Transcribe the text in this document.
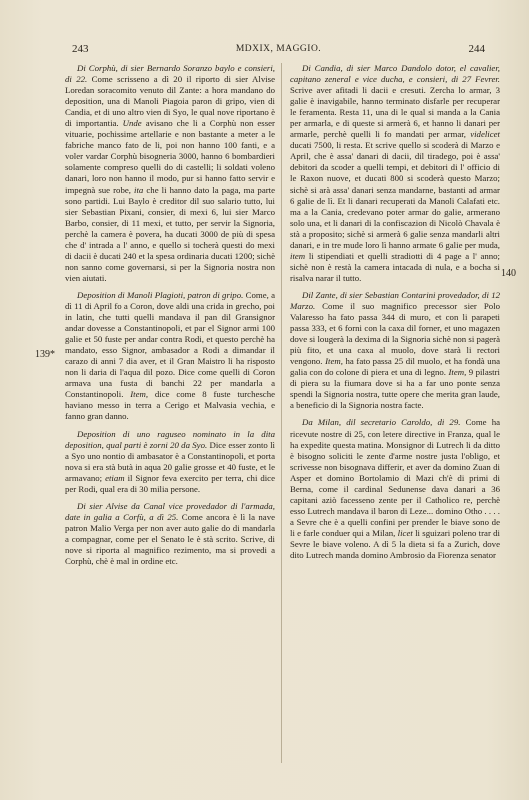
243	MDXIX, MAGGIO.	244
139*
140

Di Corphù, di sier Bernardo Soranzo baylo e consieri, di 22. Come scrisseno a dì 20 il riporto di sier Alvise Loredan soracomito venuto dil Zante: a hora mandano do deposition, una di Manoli Piagoia paron di gripo, vien di Candia, et di uno altro vien di Syo, le qual nove riportano è di importantia. Unde avisano che li a Corphù non esser vituarie, pochissime artellarie e non bastante a meter a le fabriche manco fato de li, poi non hanno 100 fanti, e a voler vardar Corphù bisogneria 3000, hanno 6 bombardieri solamente compreso quelli do di castelli; li soldati voleno danari, loro non hanno il modo, pur si hanno fatto servir e impegnà sue robe, ita che li hanno dato la paga, ma parte sono partidi. Lui Baylo è creditor dil suo salario tutto, lui sier Sebastian Pixani, consier, di mexi 6, lui sier Marco Barbo, consier, di 11 mexi, et tutto, per servir la Signoria, perchè la camera è povera, ha ducati 3000 de più di spesa che d' intrada a l' anno, e quello si tocherà questi do mexi di dacii è ducati 240 et la spesa ordinaria ducati 1200; sichè non sanno come governarsi, si per la Signoria nostra non vien aiutati.

Deposition di Manoli Plagioti, patron di gripo. Come, a dì 11 di April fo a Coron, dove aldi una crida in grecho, poi in latin, che tutti quelli mandava il pan dil Gransignor andar dovesse a Constantinopoli, et par el Signor armi 100 galie et 50 fuste per andar contra Rodi, et questo perchè ha mandato, esso Signor, ambasador a Rodi a dimandar il carazo di anni 7 dia aver, et il Gran Maistro li ha risposto non li daria di l'aqua dil pozo. Dice come quelli di Coron armava una fusta di banchi 22 per mandarla a Constantinopoli. Item, dice come 8 fuste turchesche haviano messo in terra a Cerigo et Malvasia vechia, e fanno gran danno.

Deposition di uno raguseo nominato in la dita deposition, qual parti è zorni 20 da Syo. Dice esser zonto lì a Syo uno nontio di ambasator è a Constantinopoli, et porta nova si era stà butà in aqua 20 galie grosse et 40 fuste, et le armavano; etiam il Signor feva exercito per terra, chi dice per Rodi, qual era di 30 milia persone.

Di sier Alvise da Canal vice provedador di l'armada, date in galia a Corfù, a dì 25. Come ancora è lì la nave patron Malio Verga per non aver auto galie do di mandarla a compagnar, come per el Senato le è stà scrito. Scrive, di nove si riporta al magnifico rezimento, ma si provedi a Corphù, chè è mal in ordine etc.

Di Candia, di sier Marco Dandolo dotor, el cavalier, capitano zeneral e vice ducha, e consieri, di 27 Fevrer. Scrive aver afitadi li dacii e cresuti. Zercha lo armar, 3 galie è inavigabile, hanno terminato disfarle per recuperar le feramenta. Resta 11, una di le qual si manda a la Cania per armarla, e di queste si armerà 6, et hanno li danari per armarle, perchè quelli li fo mandati per armar, videlicet ducati 7500, li resta. Et scrive quello si scoderà di Marzo e April, che è assa' danari di dacii, dil tiradego, poi è assa' debitori da scoder a quelli tempi, et debitori di l' officio di le Raxon nuove, et ducati 800 si scoderà questo Marzo; sichè si arà assa' danari senza mandarne, bastanti ad armar 6 galie de lì. Et li danari recuperati da Manoli Calafati etc. ma a la Cania, credevano poter armar do galie, armerano solo una, et li danari di la confiscazion di Nicolò Chavala è stà a proposito; sichè si armerà 6 galie senza mandarli altri danari, e in tre mude loro lì hanno armate 6 galie per muda, item li stipendiati et quelli stradiotti di 4 page a l' anno; sichè non è restà la camera intacada di nula, e a bocha si risalva narar il tutto.

Dil Zante, di sier Sebastian Contarini provedador, di 12 Marzo. Come il suo magnifico precessor sier Polo Valaresso ha fato passa 344 di muro, et con li parapeti passa 333, et 6 forni con la caxa dil forner, et uno magazen dove si lougerà la dexima di la Signoria sichè non si pagerà più fito, et una caxa al muolo, dove starà li rectori vengono. Item, ha fato passa 25 dil muolo, et ha fondà una galia con do colone di piera et una di legno. Item, 9 pilastri di piera su la fiumara dove si ha a far uno ponte senza spendi la Signoria nostra, tutte opere che merita gran laude, a beneficio di la Signoria nostra facte.

Da Milan, dil secretario Caroldo, di 29. Come ha ricevute nostre di 25, con letere directive in Franza, qual le ha expedite questa matina. Monsignor di Lutrech li da ditto è bisogno soliciti le zente d'arme nostre justa l'obligo, et scrivesse non bisognava differir, et aver da domino Zuan di Asper et domino Bortolamio di Mazi ch'è di primi di Berna, come il cardinal Sedunense dava danari a 36 capitani aziò facesseno zente per il Catholico re, perchè esso Lutrech mandava il baron di Leze... domino Otho . . . . a Sevre che è a quelli confini per prender le biave sono de li e farle conduer qui a Milan, licet li sguizari poleno trar di Sevre le biave voleno. A dì 5 la dieta si fa a Zurich, dove dito Lutrech manda domino Ambrosio da Fiorenza senator
